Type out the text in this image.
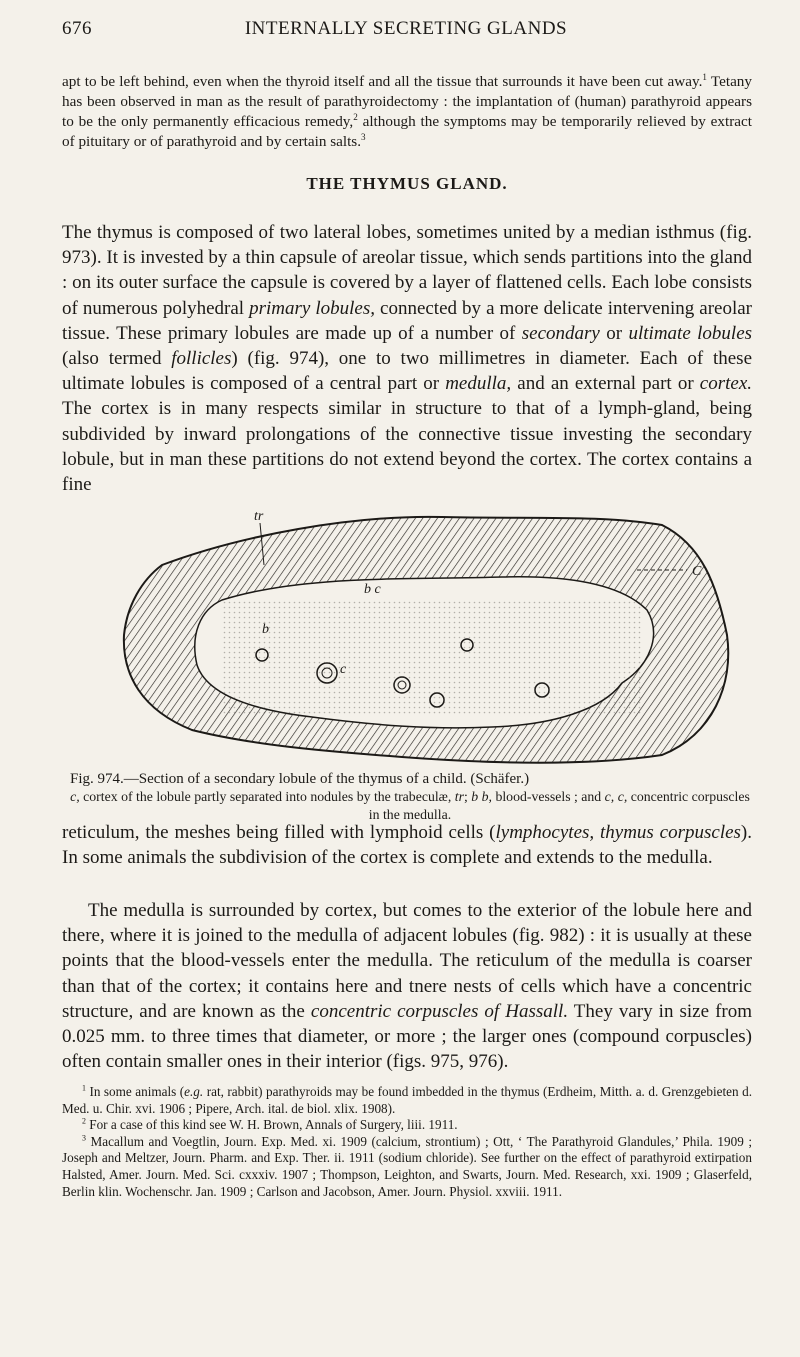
676	INTERNALLY SECRETING GLANDS

apt to be left behind, even when the thyroid itself and all the tissue that surrounds it have been cut away.$^1$ Tetany has been observed in man as the result of parathyroidectomy : the implantation of (human) parathyroid appears to be the only permanently efficacious remedy,$^2$ although the symptoms may be temporarily relieved by extract of pituitary or of parathyroid and by certain salts.$^3$

THE THYMUS GLAND.

The thymus is composed of two lateral lobes, sometimes united by a median isthmus (fig. 973). It is invested by a thin capsule of areolar tissue, which sends partitions into the gland : on its outer surface the capsule is covered by a layer of flattened cells. Each lobe consists of numerous polyhedral primary lobules, connected by a more delicate intervening areolar tissue. These primary lobules are made up of a number of secondary or ultimate lobules (also termed follicles) (fig. 974), one to two millimetres in diameter. Each of these ultimate lobules is composed of a central part or medulla, and an external part or cortex. The cortex is in many respects similar in structure to that of a lymph-gland, being subdivided by inward prolongations of the connective tissue investing the secondary lobule, but in man these partitions do not extend beyond the cortex. The cortex contains a fine

tr
C
b c
b
c

Fig. 974.—Section of a secondary lobule of the thymus of a child. (Schäfer.)

c, cortex of the lobule partly separated into nodules by the trabeculæ, tr; b b, blood-vessels ; and c, c, concentric corpuscles in the medulla.

reticulum, the meshes being filled with lymphoid cells (lymphocytes, thymus corpuscles). In some animals the subdivision of the cortex is complete and extends to the medulla.

The medulla is surrounded by cortex, but comes to the exterior of the lobule here and there, where it is joined to the medulla of adjacent lobules (fig. 982) : it is usually at these points that the blood-vessels enter the medulla. The reticulum of the medulla is coarser than that of the cortex; it contains here and tnere nests of cells which have a concentric structure, and are known as the concentric corpuscles of Hassall. They vary in size from 0.025 mm. to three times that diameter, or more ; the larger ones (compound corpuscles) often contain smaller ones in their interior (figs. 975, 976).

$^1$ In some animals (e.g. rat, rabbit) parathyroids may be found imbedded in the thymus (Erdheim, Mitth. a. d. Grenzgebieten d. Med. u. Chir. xvi. 1906 ; Pipere, Arch. ital. de biol. xlix. 1908).

$^2$ For a case of this kind see W. H. Brown, Annals of Surgery, liii. 1911.

$^3$ Macallum and Voegtlin, Journ. Exp. Med. xi. 1909 (calcium, strontium) ; Ott, ‘ The Parathyroid Glandules,’ Phila. 1909 ; Joseph and Meltzer, Journ. Pharm. and Exp. Ther. ii. 1911 (sodium chloride). See further on the effect of parathyroid extirpation Halsted, Amer. Journ. Med. Sci. cxxxiv. 1907 ; Thompson, Leighton, and Swarts, Journ. Med. Research, xxi. 1909 ; Glaserfeld, Berlin klin. Wochenschr. Jan. 1909 ; Carlson and Jacobson, Amer. Journ. Physiol. xxviii. 1911.
